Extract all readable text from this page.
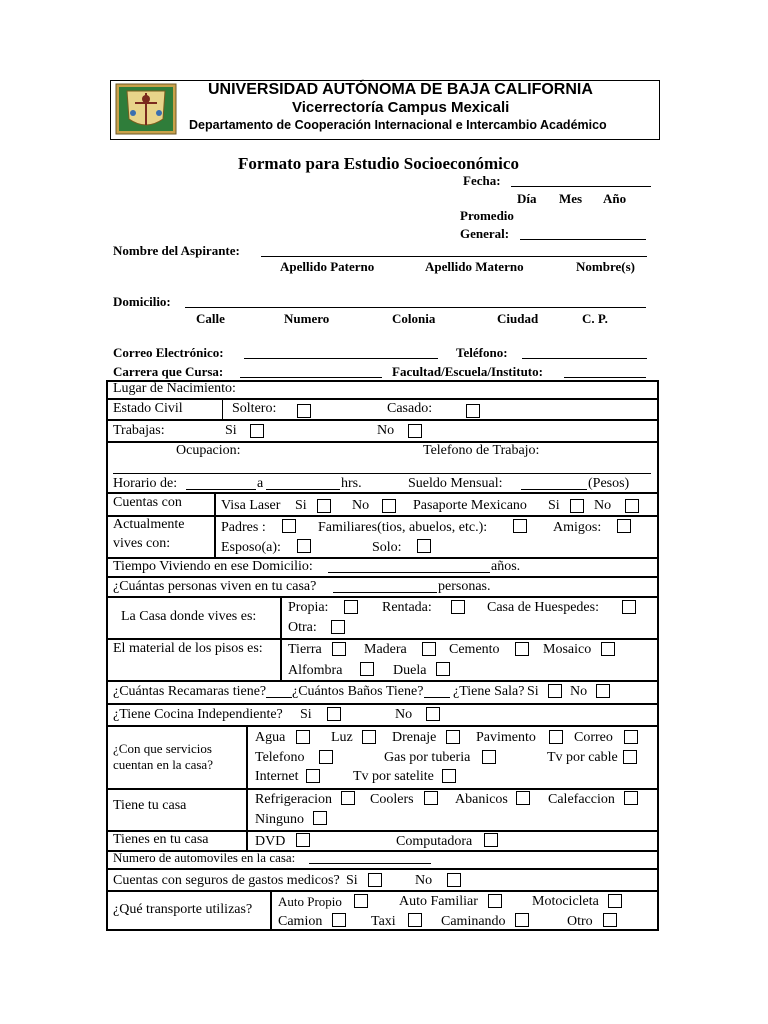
UNIVERSIDAD AUTÓNOMA DE BAJA CALIFORNIA
Vicerrectoría Campus Mexicali
Departamento de Cooperación Internacional e Intercambio Académico
Formato para Estudio Socioeconómico
Fecha:
Día Mes Año
Promedio
General:
Nombre del Aspirante:
Apellido Paterno	Apellido Materno	Nombre(s)
Domicilio:
Calle	Numero	Colonia	Ciudad	C. P.
Correo Electrónico:	Teléfono:
Carrera que Cursa:	Facultad/Escuela/Instituto:
Lugar de Nacimiento:
Estado Civil	Soltero:	Casado:
Trabajas:	Si	No
Ocupacion:	Telefono de Trabajo:
Horario de:	a	hrs.	Sueldo Mensual:	(Pesos)
Cuentas con	Visa Laser Si	No	Pasaporte Mexicano Si No
Actualmente
vives con:
Padres :	Familiares(tios, abuelos, etc.):	Amigos:
Esposo(a):	Solo:
Tiempo Viviendo en ese Domicilio:	años.
¿Cuántas personas viven en tu casa?	personas.
La Casa donde vives es:
Propia:	Rentada:	Casa de Huespedes:
Otra:
El material de los pisos es: Tierra	Madera	Cemento	Mosaico
Alfombra	Duela
¿Cuántas Recamaras tiene? ¿Cuántos Baños Tiene? ¿Tiene Sala? Si No
¿Tiene Cocina Independiente? Si	No
¿Con que servicios
cuentan en la casa?
Agua	Luz	Drenaje	Pavimento	Correo
Telefono	Gas por tuberia	Tv por cable
Internet	Tv por satelite
Tiene tu casa	Refrigeracion	Coolers	Abanicos	Calefaccion
Ninguno
Tienes en tu casa	DVD	Computadora
Numero de automoviles en la casa:
Cuentas con seguros de gastos medicos? Si	No
¿Qué transporte utilizas?
Auto Propio	Auto Familiar	Motocicleta
Camion	Taxi	Caminando	Otro
